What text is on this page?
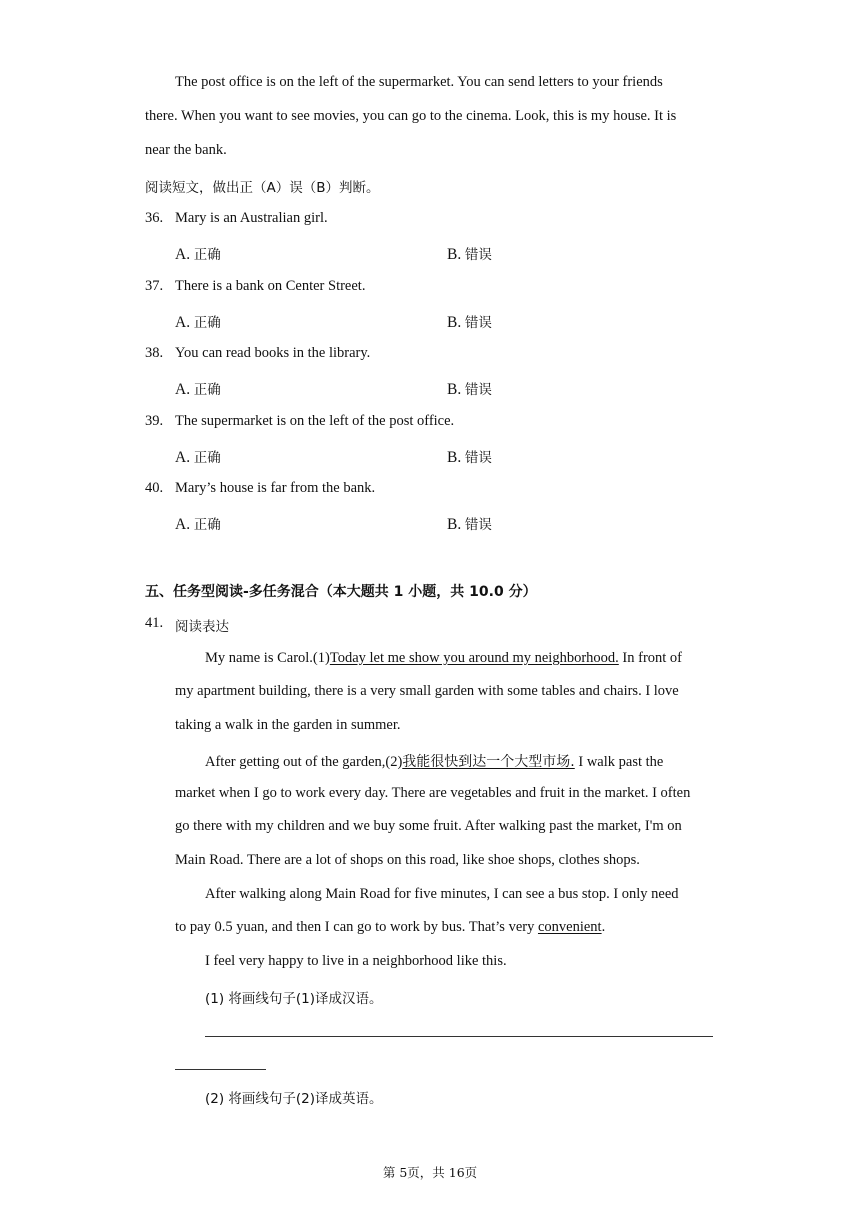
The post office is on the left of the supermarket. You can send letters to your friends
there. When you want to see movies, you can go to the cinema. Look, this is my house. It is
near the bank.
阅读短文，做出正（A）误（B）判断。
36. Mary is an Australian girl.
A. 正确	B. 错误
37. There is a bank on Center Street.
A. 正确	B. 错误
38. You can read books in the library.
A. 正确	B. 错误
39. The supermarket is on the left of the post office.
A. 正确	B. 错误
40. Mary’s house is far from the bank.
A. 正确	B. 错误
五、任务型阅读-多任务混合（本大题共 1 小题，共 10.0 分）
41. 阅读表达
My name is Carol.(1)Today let me show you around my neighborhood. In front of
my apartment building, there is a very small garden with some tables and chairs. I love
taking a walk in the garden in summer.
After getting out of the garden,(2)我能很快到达一个大型市场. I walk past the
market when I go to work every day. There are vegetables and fruit in the market. I often
go there with my children and we buy some fruit. After walking past the market, I'm on
Main Road. There are a lot of shops on this road, like shoe shops, clothes shops.
After walking along Main Road for five minutes, I can see a bus stop. I only need
to pay 0.5 yuan, and then I can go to work by bus. That’s very convenient.
I feel very happy to live in a neighborhood like this.
(1) 将画线句子(1)译成汉语。
(2) 将画线句子(2)译成英语。
第 5页，共 16页
